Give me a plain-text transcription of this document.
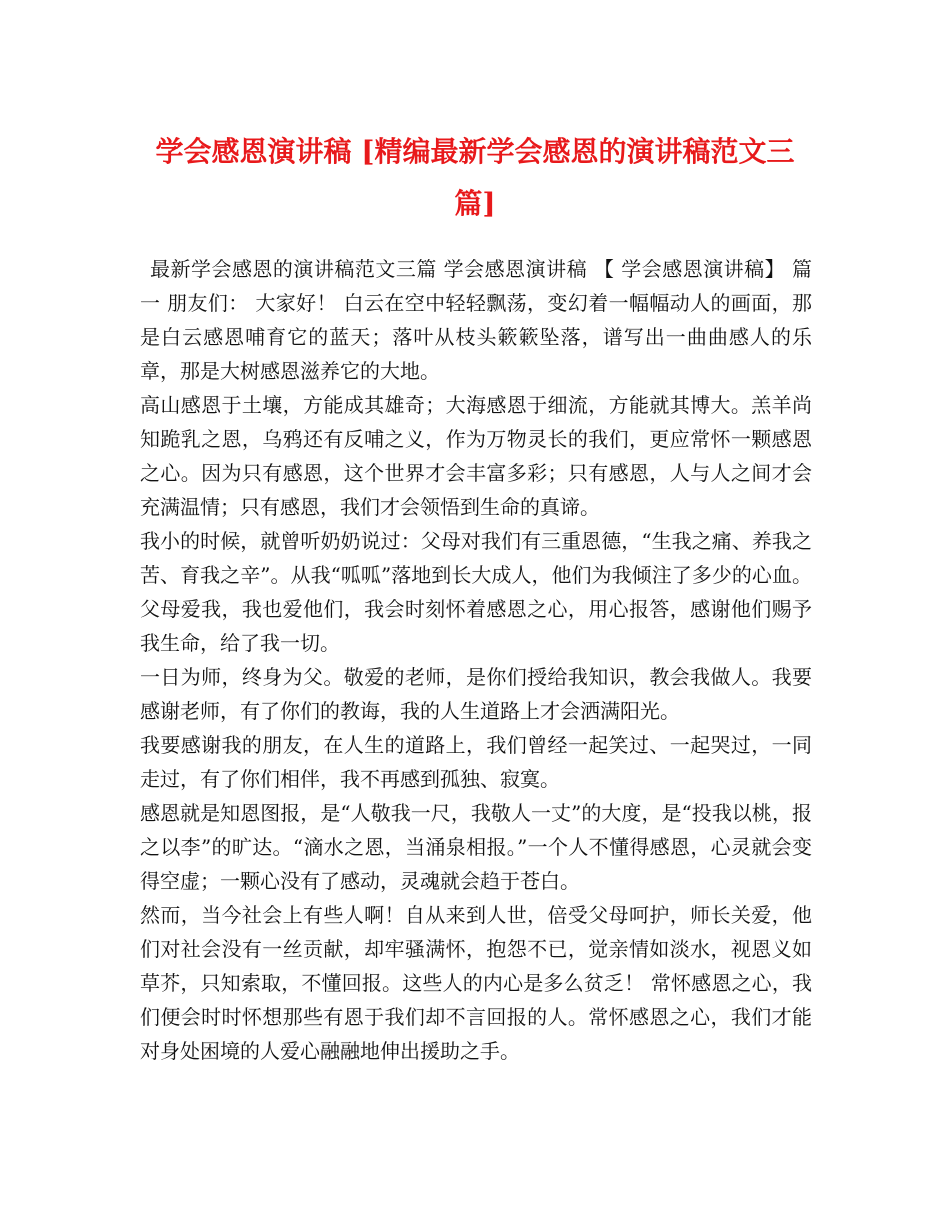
学会感恩演讲稿 [精编最新学会感恩的演讲稿范文三篇]

最新学会感恩的演讲稿范文三篇 学会感恩演讲稿 【 学会感恩演讲稿】 篇一 朋友们： 大家好！ 白云在空中轻轻飘荡，变幻着一幅幅动人的画面，那是白云感恩哺育它的蓝天；落叶从枝头簌簌坠落，谱写出一曲曲感人的乐章，那是大树感恩滋养它的大地。

高山感恩于土壤，方能成其雄奇；大海感恩于细流，方能就其博大。羔羊尚知跪乳之恩，乌鸦还有反哺之义，作为万物灵长的我们，更应常怀一颗感恩之心。因为只有感恩，这个世界才会丰富多彩；只有感恩，人与人之间才会充满温情；只有感恩，我们才会领悟到生命的真谛。

我小的时候，就曾听奶奶说过：父母对我们有三重恩德，“生我之痛、养我之苦、育我之辛”。从我“呱呱”落地到长大成人，他们为我倾注了多少的心血。父母爱我，我也爱他们，我会时刻怀着感恩之心，用心报答，感谢他们赐予我生命，给了我一切。

一日为师，终身为父。敬爱的老师，是你们授给我知识，教会我做人。我要感谢老师，有了你们的教诲，我的人生道路上才会洒满阳光。

我要感谢我的朋友，在人生的道路上，我们曾经一起笑过、一起哭过，一同走过，有了你们相伴，我不再感到孤独、寂寞。

感恩就是知恩图报，是“人敬我一尺，我敬人一丈”的大度，是“投我以桃，报之以李”的旷达。“滴水之恩，当涌泉相报。”一个人不懂得感恩，心灵就会变得空虚；一颗心没有了感动，灵魂就会趋于苍白。

然而，当今社会上有些人啊！自从来到人世，倍受父母呵护，师长关爱，他们对社会没有一丝贡献，却牢骚满怀，抱怨不已，觉亲情如淡水，视恩义如草芥，只知索取，不懂回报。这些人的内心是多么贫乏！ 常怀感恩之心，我们便会时时怀想那些有恩于我们却不言回报的人。常怀感恩之心，我们才能对身处困境的人爱心融融地伸出援助之手。
